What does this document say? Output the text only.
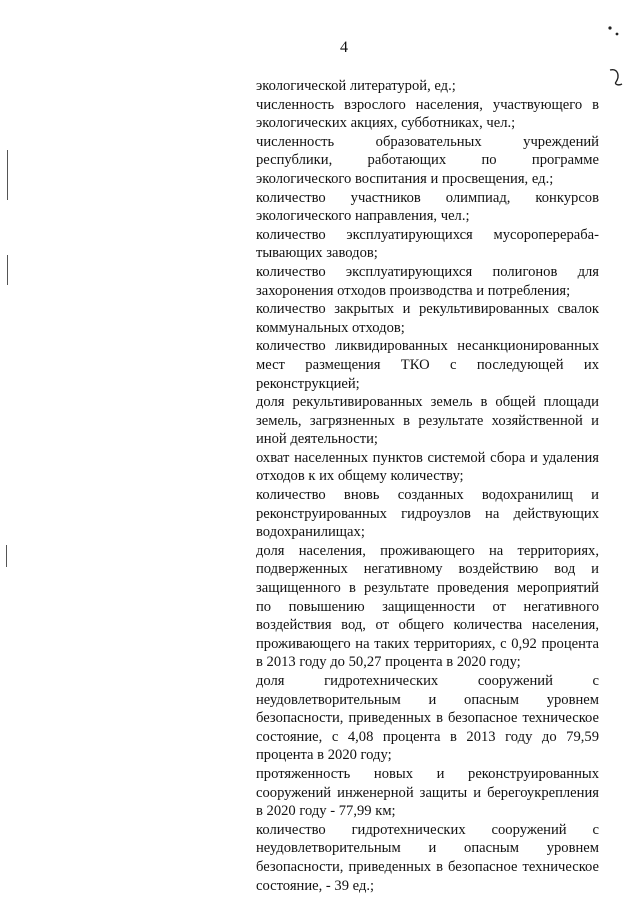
4

экологической литературой, ед.;

численность взрослого населения, участвующего в экологических акциях, субботниках, чел.;

численность образовательных учреждений республики, работающих по программе экологического воспитания и просвещения, ед.;

количество участников олимпиад, конкурсов экологического направления, чел.;

количество эксплуатирующихся мусороперераба-тывающих заводов;

количество эксплуатирующихся полигонов для захоронения отходов производства и потребления;

количество закрытых и рекультивированных свалок коммунальных отходов;

количество ликвидированных несанкционированных мест размещения ТКО с последующей их реконструкцией;

доля рекультивированных земель в общей площади земель, загрязненных в результате хозяйственной и иной деятельности;

охват населенных пунктов системой сбора и удаления отходов к их общему количеству;

количество вновь созданных водохранилищ и реконструированных гидроузлов на действующих водохранилищах;

доля населения, проживающего на территориях, подверженных негативному воздействию вод и защищенного в результате проведения мероприятий по повышению защищенности от негативного воздействия вод, от общего количества населения, проживающего на таких территориях, с 0,92 процента в 2013 году до 50,27 процента в 2020 году;

доля гидротехнических сооружений с неудовлетворительным и опасным уровнем безопасности, приведенных в безопасное техническое состояние, с 4,08 процента в 2013 году до 79,59 процента в 2020 году;

протяженность новых и реконструированных сооружений инженерной защиты и берегоукрепления в 2020 году - 77,99 км;

количество гидротехнических сооружений с неудовлетворительным и опасным уровнем безопасности, приведенных в безопасное техническое состояние, - 39 ед.;
